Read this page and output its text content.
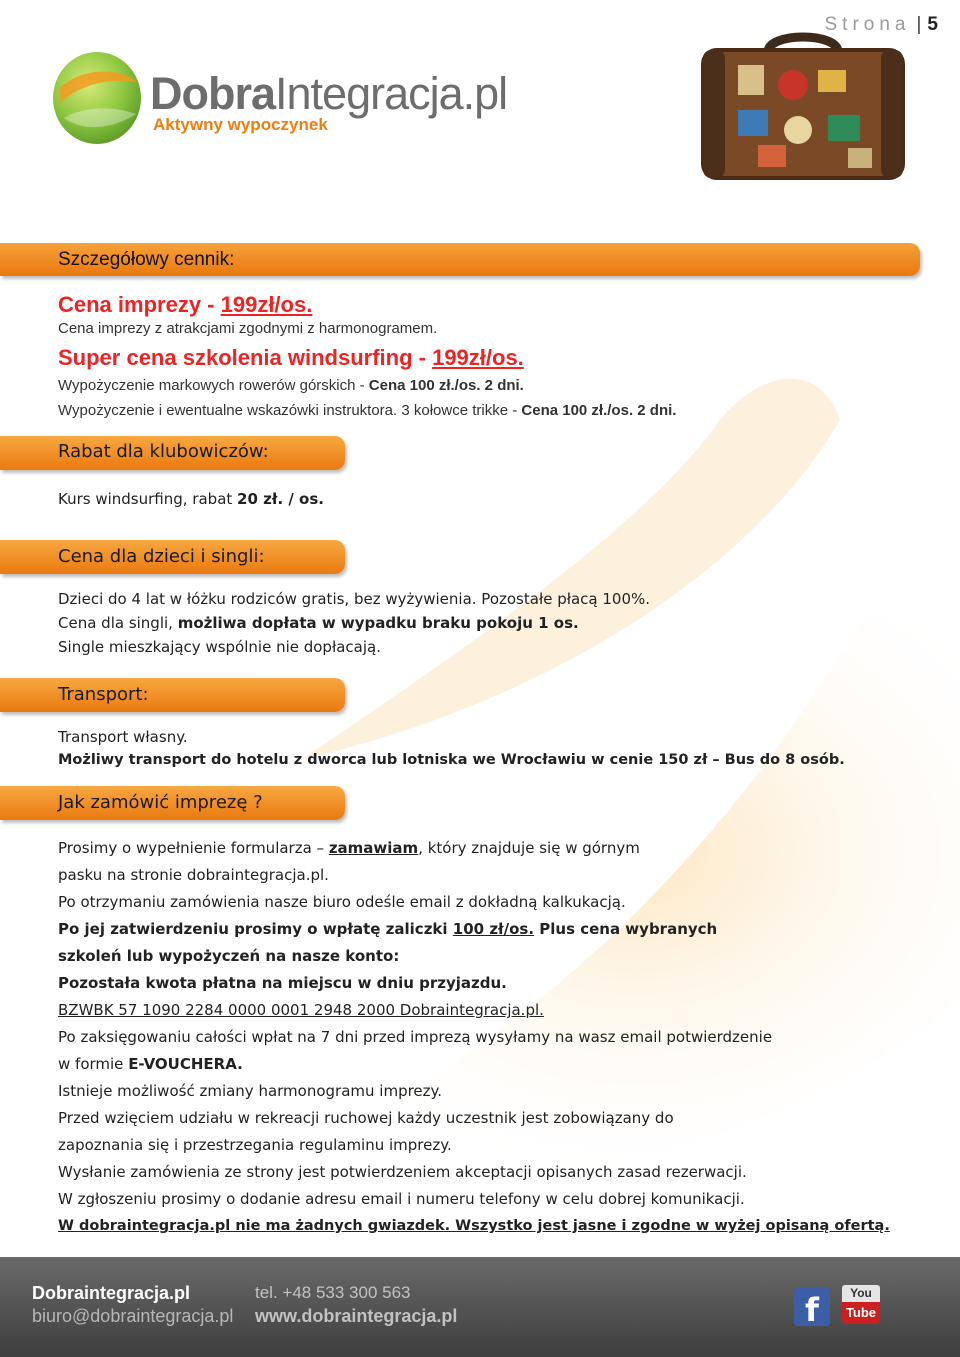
Strona | 5
DobraIntegracja.pl
Aktywny wypoczynek
Szczegółowy cennik:
Cena imprezy - 199zł/os.
Cena imprezy z atrakcjami zgodnymi z harmonogramem.
Super cena szkolenia windsurfing - 199zł/os.
Wypożyczenie markowych rowerów górskich - Cena 100 zł./os. 2 dni.
Wypożyczenie i ewentualne wskazówki instruktora. 3 kołowce trikke - Cena 100 zł./os. 2 dni.
Rabat dla klubowiczów:
Kurs windsurfing, rabat 20 zł. / os.
Cena dla dzieci i singli:
Dzieci do 4 lat w łóżku rodziców gratis, bez wyżywienia. Pozostałe płacą 100%.
Cena dla singli, możliwa dopłata w wypadku braku pokoju 1 os.
Single mieszkający wspólnie nie dopłacają.
Transport:
Transport własny.
Możliwy transport do hotelu z dworca lub lotniska we Wrocławiu w cenie 150 zł – Bus do 8 osób.
Jak zamówić imprezę ?
Prosimy o wypełnienie formularza – zamawiam, który znajduje się w górnym
pasku na stronie dobraintegracja.pl.
Po otrzymaniu zamówienia nasze biuro odeśle email z dokładną kalkukacją.
Po jej zatwierdzeniu prosimy o wpłatę zaliczki 100 zł/os. Plus cena wybranych
szkoleń lub wypożyczeń na nasze konto:
Pozostała kwota płatna na miejscu w dniu przyjazdu.
BZWBK 57 1090 2284 0000 0001 2948 2000 Dobraintegracja.pl.
Po zaksięgowaniu całości wpłat na 7 dni przed imprezą wysyłamy na wasz email potwierdzenie
w formie E-VOUCHERA.
Istnieje możliwość zmiany harmonogramu imprezy.
Przed wzięciem udziału w rekreacji ruchowej każdy uczestnik jest zobowiązany do
zapoznania się i przestrzegania regulaminu imprezy.
Wysłanie zamówienia ze strony jest potwierdzeniem akceptacji opisanych zasad rezerwacji.
W zgłoszeniu prosimy o dodanie adresu email i numeru telefony w celu dobrej komunikacji.
W dobraintegracja.pl nie ma żadnych gwiazdek. Wszystko jest jasne i zgodne w wyżej opisaną ofertą.
Dobraintegracja.pl
biuro@dobraintegracja.pl
tel. +48 533 300 563
www.dobraintegracja.pl	f	You
Tube
